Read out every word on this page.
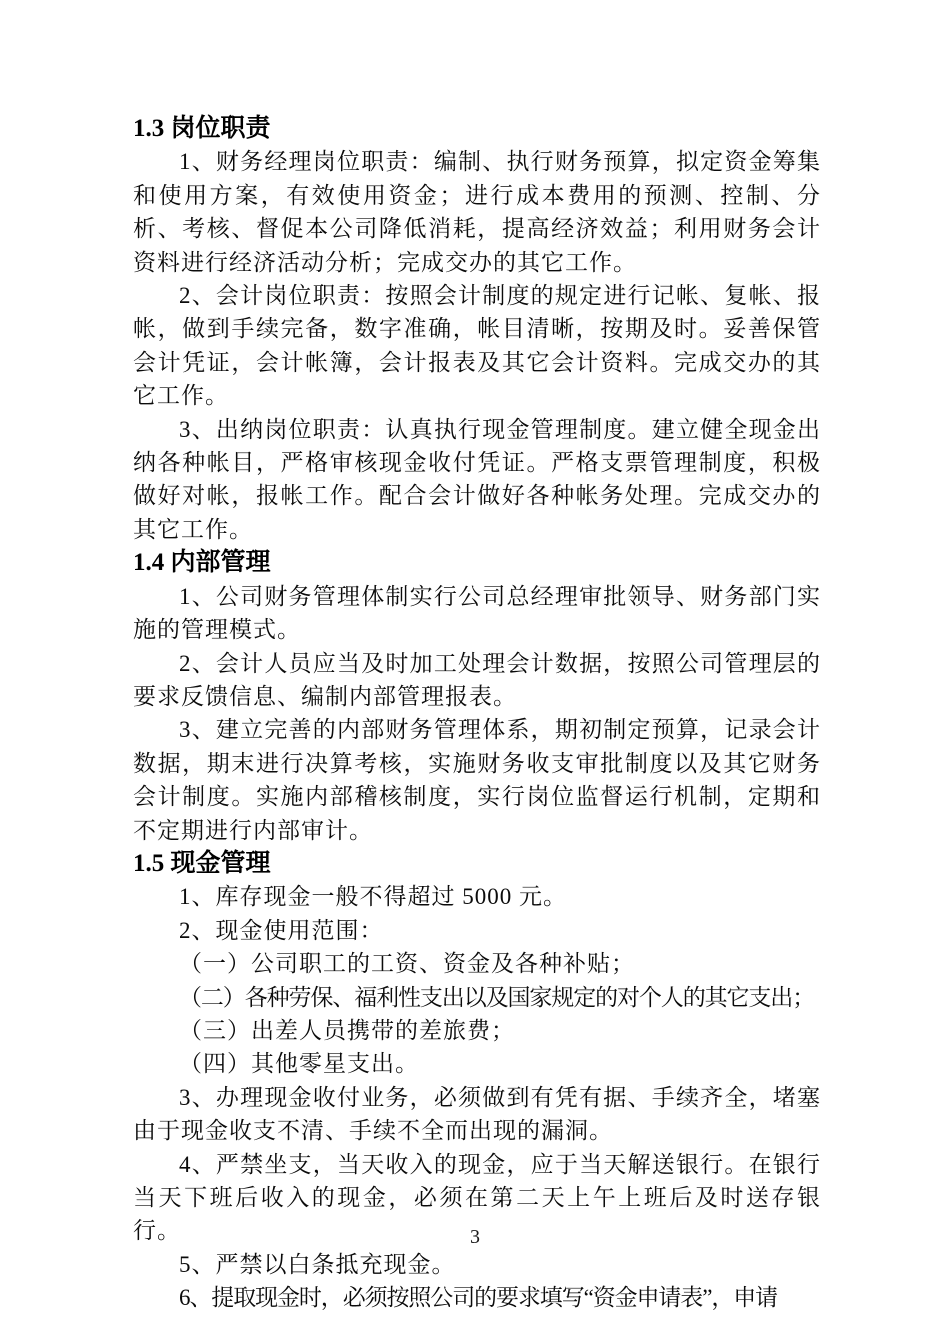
1.3 岗位职责

1、财务经理岗位职责：编制、执行财务预算，拟定资金筹集和使用方案，有效使用资金；进行成本费用的预测、控制、分析、考核、督促本公司降低消耗，提高经济效益；利用财务会计资料进行经济活动分析；完成交办的其它工作。

2、会计岗位职责：按照会计制度的规定进行记帐、复帐、报帐，做到手续完备，数字准确，帐目清晰，按期及时。妥善保管会计凭证，会计帐簿，会计报表及其它会计资料。完成交办的其它工作。

3、出纳岗位职责：认真执行现金管理制度。建立健全现金出纳各种帐目，严格审核现金收付凭证。严格支票管理制度，积极做好对帐，报帐工作。配合会计做好各种帐务处理。完成交办的其它工作。

1.4 内部管理

1、公司财务管理体制实行公司总经理审批领导、财务部门实施的管理模式。

2、会计人员应当及时加工处理会计数据，按照公司管理层的要求反馈信息、编制内部管理报表。

3、建立完善的内部财务管理体系，期初制定预算，记录会计数据，期末进行决算考核，实施财务收支审批制度以及其它财务会计制度。实施内部稽核制度，实行岗位监督运行机制，定期和不定期进行内部审计。

1.5 现金管理

1、库存现金一般不得超过 5000 元。

2、现金使用范围：

（一）公司职工的工资、资金及各种补贴；

（二）各种劳保、福利性支出以及国家规定的对个人的其它支出；

（三）出差人员携带的差旅费；

（四）其他零星支出。

3、办理现金收付业务，必须做到有凭有据、手续齐全，堵塞由于现金收支不清、手续不全而出现的漏洞。

4、严禁坐支，当天收入的现金，应于当天解送银行。在银行当天下班后收入的现金，必须在第二天上午上班后及时送存银行。

5、严禁以白条抵充现金。

6、提取现金时，必须按照公司的要求填写“资金申请表”，申请

3
